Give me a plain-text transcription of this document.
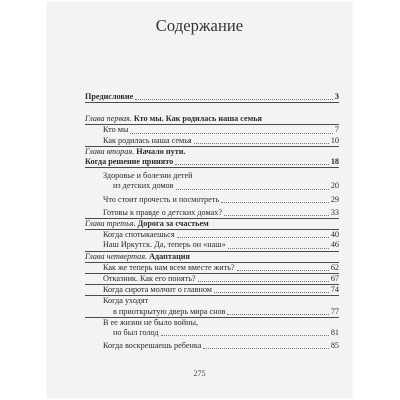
Содержание
Предисловие	3
Глава первая. Кто мы. Как родилась наша семья
Кто мы	7
Как родилась наша семья	10
Глава вторая. Начало пути.
Когда решение принято	18
Здоровье и болезни детей
из детских домов	20
Что стоит прочесть и посмотреть	29
Готовы к правде о детских домах?	33
Глава третья. Дорога за счастьем
Когда спотыкаешься	40
Наш Иркутск. Да, теперь он «наш»	46
Глава четвертая. Адаптация
Как же теперь нам всем вместе жить?	62
Отказник. Как его понять?	67
Когда сирота молчит о главном	74
Когда уходят
в приоткрытую дверь мира снов	77
В ее жизни не было войны,
но был голод	81
Когда воскрешаешь ребенка	85
275
